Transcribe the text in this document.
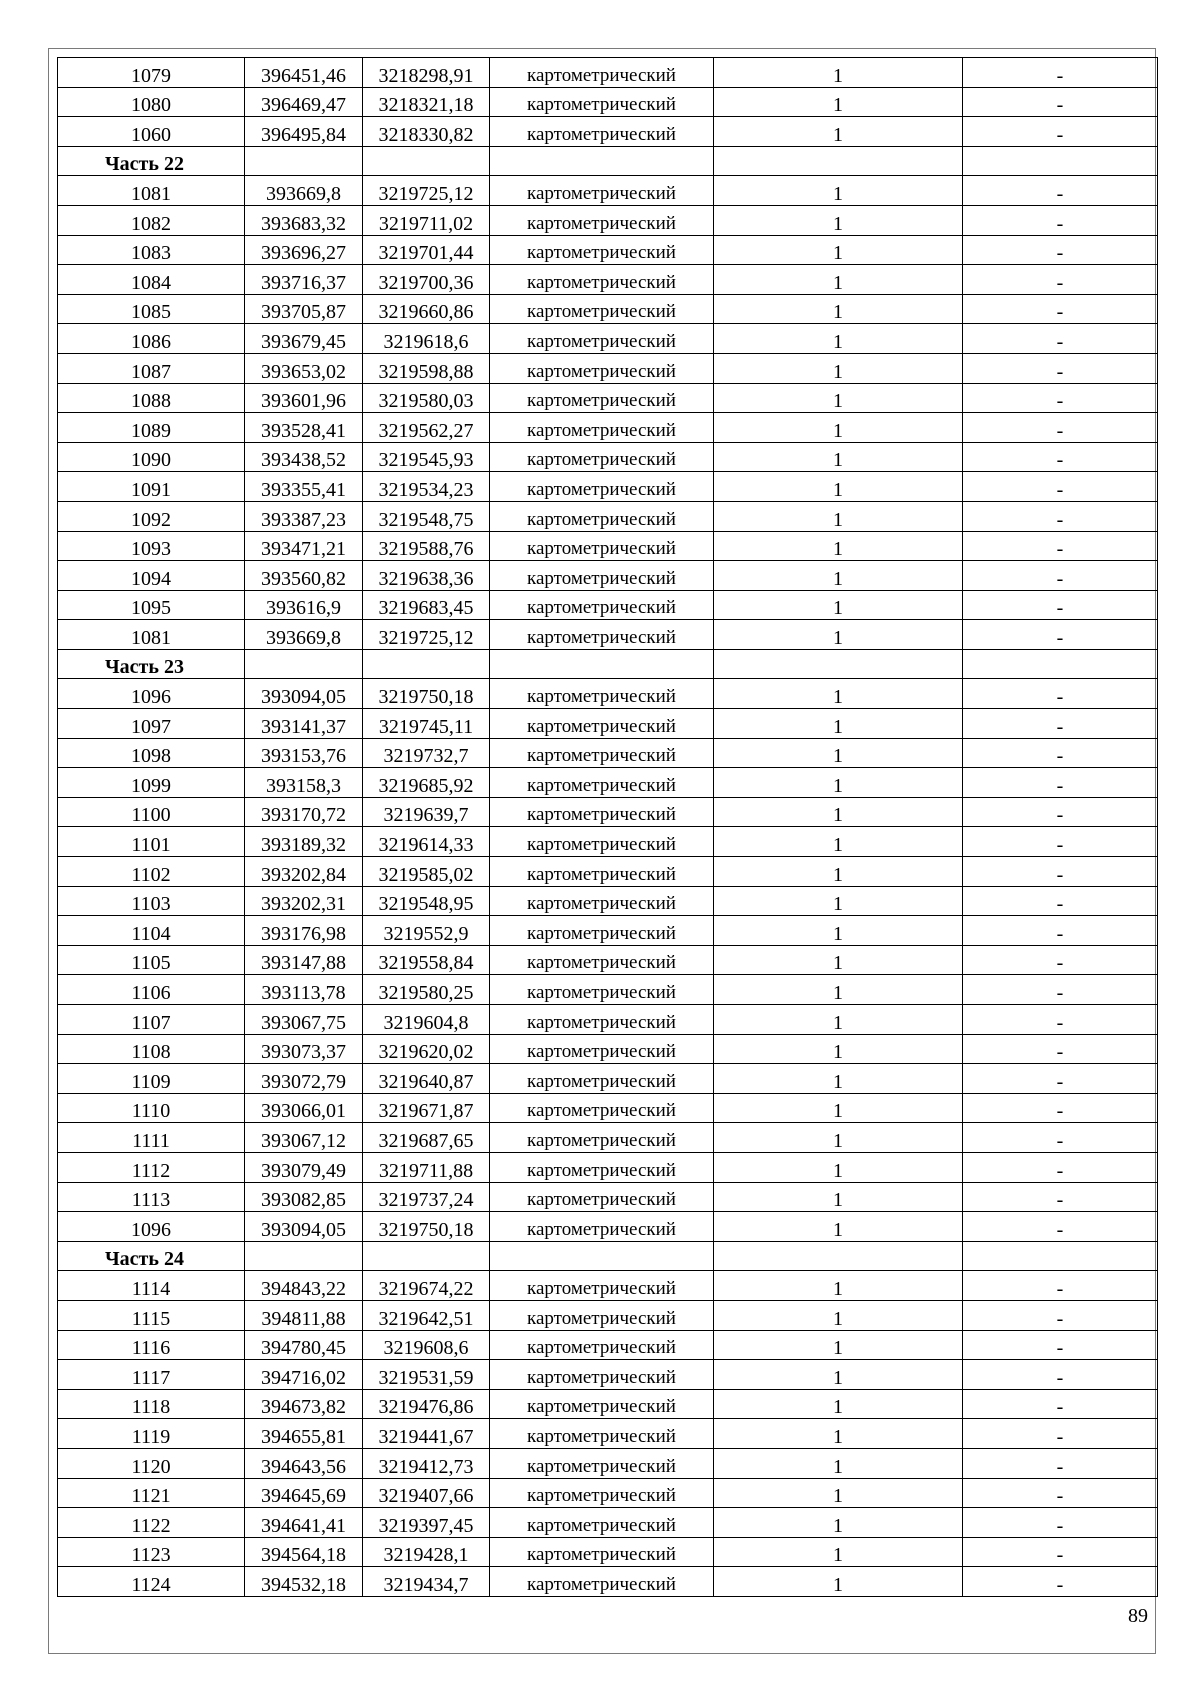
1079	396451,46	3218298,91	картометрический	1	-
1080	396469,47	3218321,18	картометрический	1	-
1060	396495,84	3218330,82	картометрический	1	-
Часть 22					
1081	393669,8	3219725,12	картометрический	1	-
1082	393683,32	3219711,02	картометрический	1	-
1083	393696,27	3219701,44	картометрический	1	-
1084	393716,37	3219700,36	картометрический	1	-
1085	393705,87	3219660,86	картометрический	1	-
1086	393679,45	3219618,6	картометрический	1	-
1087	393653,02	3219598,88	картометрический	1	-
1088	393601,96	3219580,03	картометрический	1	-
1089	393528,41	3219562,27	картометрический	1	-
1090	393438,52	3219545,93	картометрический	1	-
1091	393355,41	3219534,23	картометрический	1	-
1092	393387,23	3219548,75	картометрический	1	-
1093	393471,21	3219588,76	картометрический	1	-
1094	393560,82	3219638,36	картометрический	1	-
1095	393616,9	3219683,45	картометрический	1	-
1081	393669,8	3219725,12	картометрический	1	-
Часть 23					
1096	393094,05	3219750,18	картометрический	1	-
1097	393141,37	3219745,11	картометрический	1	-
1098	393153,76	3219732,7	картометрический	1	-
1099	393158,3	3219685,92	картометрический	1	-
1100	393170,72	3219639,7	картометрический	1	-
1101	393189,32	3219614,33	картометрический	1	-
1102	393202,84	3219585,02	картометрический	1	-
1103	393202,31	3219548,95	картометрический	1	-
1104	393176,98	3219552,9	картометрический	1	-
1105	393147,88	3219558,84	картометрический	1	-
1106	393113,78	3219580,25	картометрический	1	-
1107	393067,75	3219604,8	картометрический	1	-
1108	393073,37	3219620,02	картометрический	1	-
1109	393072,79	3219640,87	картометрический	1	-
1110	393066,01	3219671,87	картометрический	1	-
1111	393067,12	3219687,65	картометрический	1	-
1112	393079,49	3219711,88	картометрический	1	-
1113	393082,85	3219737,24	картометрический	1	-
1096	393094,05	3219750,18	картометрический	1	-
Часть 24					
1114	394843,22	3219674,22	картометрический	1	-
1115	394811,88	3219642,51	картометрический	1	-
1116	394780,45	3219608,6	картометрический	1	-
1117	394716,02	3219531,59	картометрический	1	-
1118	394673,82	3219476,86	картометрический	1	-
1119	394655,81	3219441,67	картометрический	1	-
1120	394643,56	3219412,73	картометрический	1	-
1121	394645,69	3219407,66	картометрический	1	-
1122	394641,41	3219397,45	картометрический	1	-
1123	394564,18	3219428,1	картометрический	1	-
1124	394532,18	3219434,7	картометрический	1	-
89
